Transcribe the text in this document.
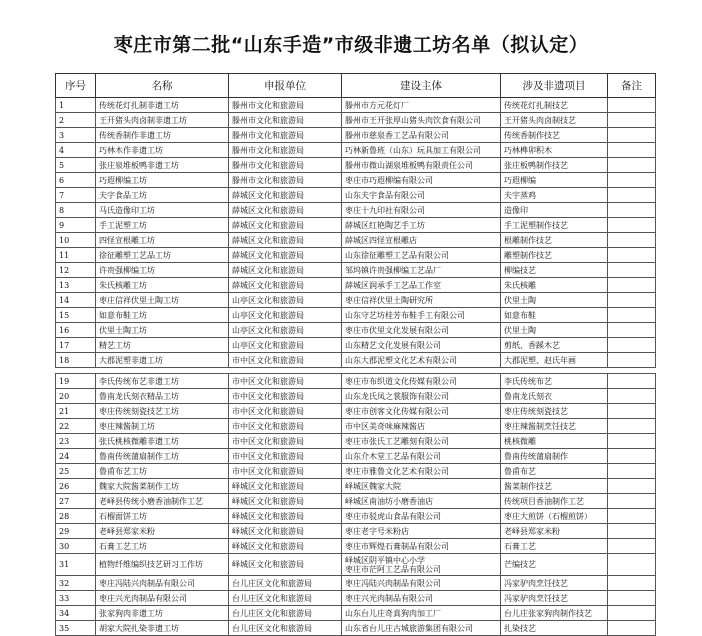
枣庄市第二批“山东手造”市级非遗工坊名单（拟认定）
序号	名称	申报单位	建设主体	涉及非遗项目	备注
1	传统花灯扎制非遗工坊	滕州市文化和旅游局	滕州市方元花灯厂	传统花灯扎制技艺	
2	王开猪头肉卤制非遗工坊	滕州市文化和旅游局	滕州市王开张厚山猪头肉饮食有限公司	王开猪头肉卤制技艺	
3	传统香制作非遗工坊	滕州市文化和旅游局	滕州市慈泉香工艺品有限公司	传统香制作技艺	
4	巧林木作非遗工坊	滕州市文化和旅游局	巧林新鲁班（山东）玩具加工有限公司	巧林榫卯积木	
5	张庄泉堆板鸭非遗工坊	滕州市文化和旅游局	滕州市微山湖泉堆板鸭有限责任公司	张庄板鸭制作技艺	
6	巧遐柳编工坊	滕州市文化和旅游局	枣庄市巧遐柳编有限公司	巧遐柳编	
7	夫字食品工坊	薛城区文化和旅游局	山东夫宇食品有限公司	夫宇蒸鸡	
8	马氏造像印工坊	薛城区文化和旅游局	枣庄十九印社有限公司	造像印	
9	手工泥塑工坊	薛城区文化和旅游局	薛城区红艳陶艺手工坊	手工泥塑制作技艺	
10	四怪宣根雕工坊	薛城区文化和旅游局	薛城区四怪宣根雕店	根雕制作技艺	
11	徐征雕塑工艺品工坊	薛城区文化和旅游局	山东徐征雕塑工艺品有限公司	雕塑制作技艺	
12	许贵强柳编工坊	薛城区文化和旅游局	邹坞镇许贵强柳编工艺品厂	柳编技艺	
13	朱氏核雕工坊	薛城区文化和旅游局	薛城区润承手工艺品工作室	朱氏核雕	
14	枣庄信祥伏里土陶工坊	山亭区文化和旅游局	枣庄信祥伏里土陶研究所	伏里土陶	
15	如意布鞋工坊	山亭区文化和旅游局	山东守艺坊桂芳布鞋手工有限公司	如意布鞋	
16	伏里土陶工坊	山亭区文化和旅游局	枣庄市伏里文化发展有限公司	伏里土陶	
17	精艺工坊	山亭区文化和旅游局	山东精艺文化发展有限公司	剪纸、香蹊木艺	
18	大郡泥塑非遗工坊	市中区文化和旅游局	山东大郡泥塑文化艺术有限公司	大郡泥塑、赵氏年画	

19	李氏传统布艺非遗工坊	市中区文化和旅游局	枣庄市布织道文化传媒有限公司	李氏传统布艺	
20	鲁南龙氏刻衣精品工坊	市中区文化和旅游局	山东龙氏凤之裳服饰有限公司	鲁南龙氏刻衣	
21	枣庄传统刻瓷技艺工坊	市中区文化和旅游局	枣庄市创客文化传媒有限公司	枣庄传统刻瓷技艺	
22	枣庄辣酱制工坊	市中区文化和旅游局	市中区美奇味麻辣酱店	枣庄辣酱制烹饪技艺	
23	张氏桃核微雕非遗工坊	市中区文化和旅游局	枣庄市张氏工艺雕刻有限公司	桃核微雕	
24	鲁南传统蒲扇制作工坊	市中区文化和旅游局	山东介木堂工艺品有限公司	鲁南传统蒲扇制作	
25	鲁甫布艺工坊	市中区文化和旅游局	枣庄市雅鲁文化艺术有限公司	鲁甫布艺	
26	魏家大院酱菜制作工坊	峄城区文化和旅游局	峄城区魏家大院	酱菜制作技艺	
27	老峄县传统小磨香油制作工艺	峄城区文化和旅游局	峄城区南油坊小磨香油店	传统项目香油制作工艺	
28	石榴面饼工坊	峄城区文化和旅游局	枣庄市驳虎山食品有限公司	枣庄大煎饼（石榴煎饼）	
29	老峄县郑家米粉	峄城区文化和旅游局	枣庄老字号米粉店	老峄县郑家米粉	
30	石膏工艺工坊	峄城区文化和旅游局	枣庄市辉煌石膏制品有限公司	石膏工艺	
31	植物纤维编织技艺研习工作坊	峄城区文化和旅游局	峄城区阴平镇中心小学
枣庄市茫阿工艺品有限公司	芒编技艺	
32	枣庄冯陆兴肉制品有限公司	台儿庄区文化和旅游局	枣庄冯陆兴肉制品有限公司	冯家驴肉烹饪技艺	
33	枣庄兴光肉制品有限公司	台儿庄区文化和旅游局	枣庄兴光肉制品有限公司	冯家驴肉烹饪技艺	
34	张家狗肉非遗工坊	台儿庄区文化和旅游局	山东台儿庄奇真狗肉加工厂	台儿庄张家狗肉制作技艺	
35	胡家大院扎染非遗工坊	台儿庄区文化和旅游局	山东省台儿庄古城旅游集团有限公司	扎染技艺	
